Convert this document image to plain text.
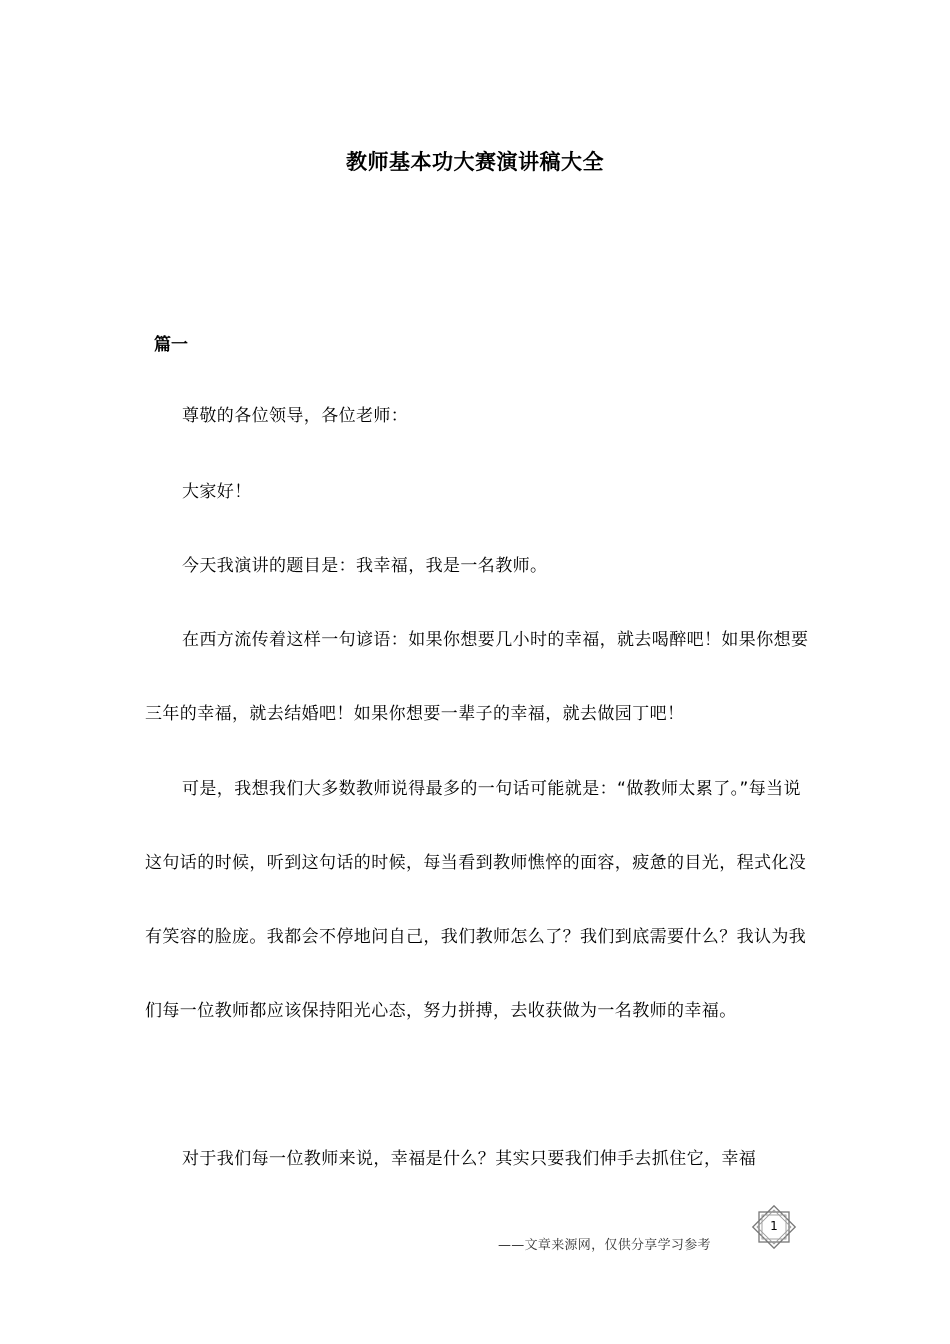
教师基本功大赛演讲稿大全
篇一
尊敬的各位领导，各位老师：
大家好！
今天我演讲的题目是：我幸福，我是一名教师。
在西方流传着这样一句谚语：如果你想要几小时的幸福，就去喝醉吧！如果你想要三年的幸福，就去结婚吧！如果你想要一辈子的幸福，就去做园丁吧！
可是，我想我们大多数教师说得最多的一句话可能就是：“做教师太累了。”每当说这句话的时候，听到这句话的时候，每当看到教师憔悴的面容，疲惫的目光，程式化没有笑容的脸庞。我都会不停地问自己，我们教师怎么了？我们到底需要什么？我认为我们每一位教师都应该保持阳光心态，努力拼搏，去收获做为一名教师的幸福。
对于我们每一位教师来说，幸福是什么？其实只要我们伸手去抓住它，幸福
——文章来源网，仅供分享学习参考
1
